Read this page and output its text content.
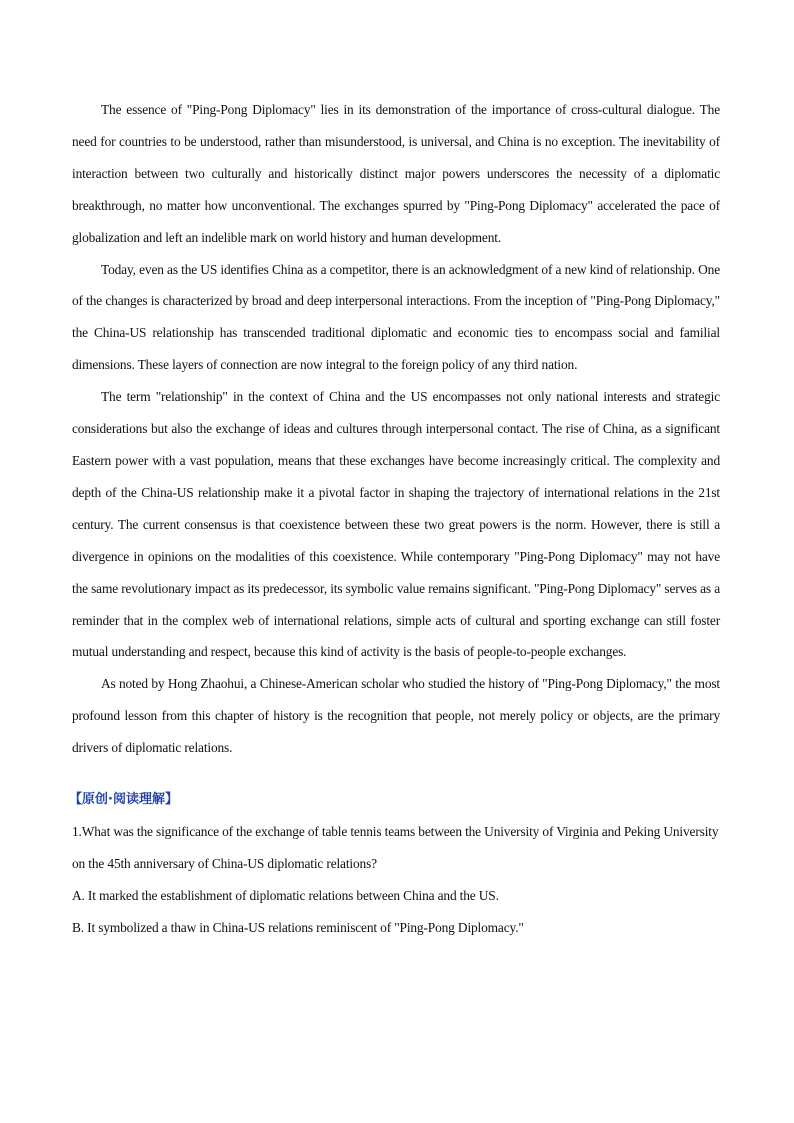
The essence of "Ping-Pong Diplomacy" lies in its demonstration of the importance of cross-cultural dialogue. The need for countries to be understood, rather than misunderstood, is universal, and China is no exception. The inevitability of interaction between two culturally and historically distinct major powers underscores the necessity of a diplomatic breakthrough, no matter how unconventional. The exchanges spurred by "Ping-Pong Diplomacy" accelerated the pace of globalization and left an indelible mark on world history and human development.

Today, even as the US identifies China as a competitor, there is an acknowledgment of a new kind of relationship. One of the changes is characterized by broad and deep interpersonal interactions. From the inception of "Ping-Pong Diplomacy," the China-US relationship has transcended traditional diplomatic and economic ties to encompass social and familial dimensions. These layers of connection are now integral to the foreign policy of any third nation.

The term "relationship" in the context of China and the US encompasses not only national interests and strategic considerations but also the exchange of ideas and cultures through interpersonal contact. The rise of China, as a significant Eastern power with a vast population, means that these exchanges have become increasingly critical. The complexity and depth of the China-US relationship make it a pivotal factor in shaping the trajectory of international relations in the 21st century. The current consensus is that coexistence between these two great powers is the norm. However, there is still a divergence in opinions on the modalities of this coexistence. While contemporary "Ping-Pong Diplomacy" may not have the same revolutionary impact as its predecessor, its symbolic value remains significant. "Ping-Pong Diplomacy" serves as a reminder that in the complex web of international relations, simple acts of cultural and sporting exchange can still foster mutual understanding and respect, because this kind of activity is the basis of people-to-people exchanges.

As noted by Hong Zhaohui, a Chinese-American scholar who studied the history of "Ping-Pong Diplomacy," the most profound lesson from this chapter of history is the recognition that people, not merely policy or objects, are the primary drivers of diplomatic relations.

【原创·阅读理解】

1.What was the significance of the exchange of table tennis teams between the University of Virginia and Peking University on the 45th anniversary of China-US diplomatic relations?

A. It marked the establishment of diplomatic relations between China and the US.

B. It symbolized a thaw in China-US relations reminiscent of "Ping-Pong Diplomacy."
